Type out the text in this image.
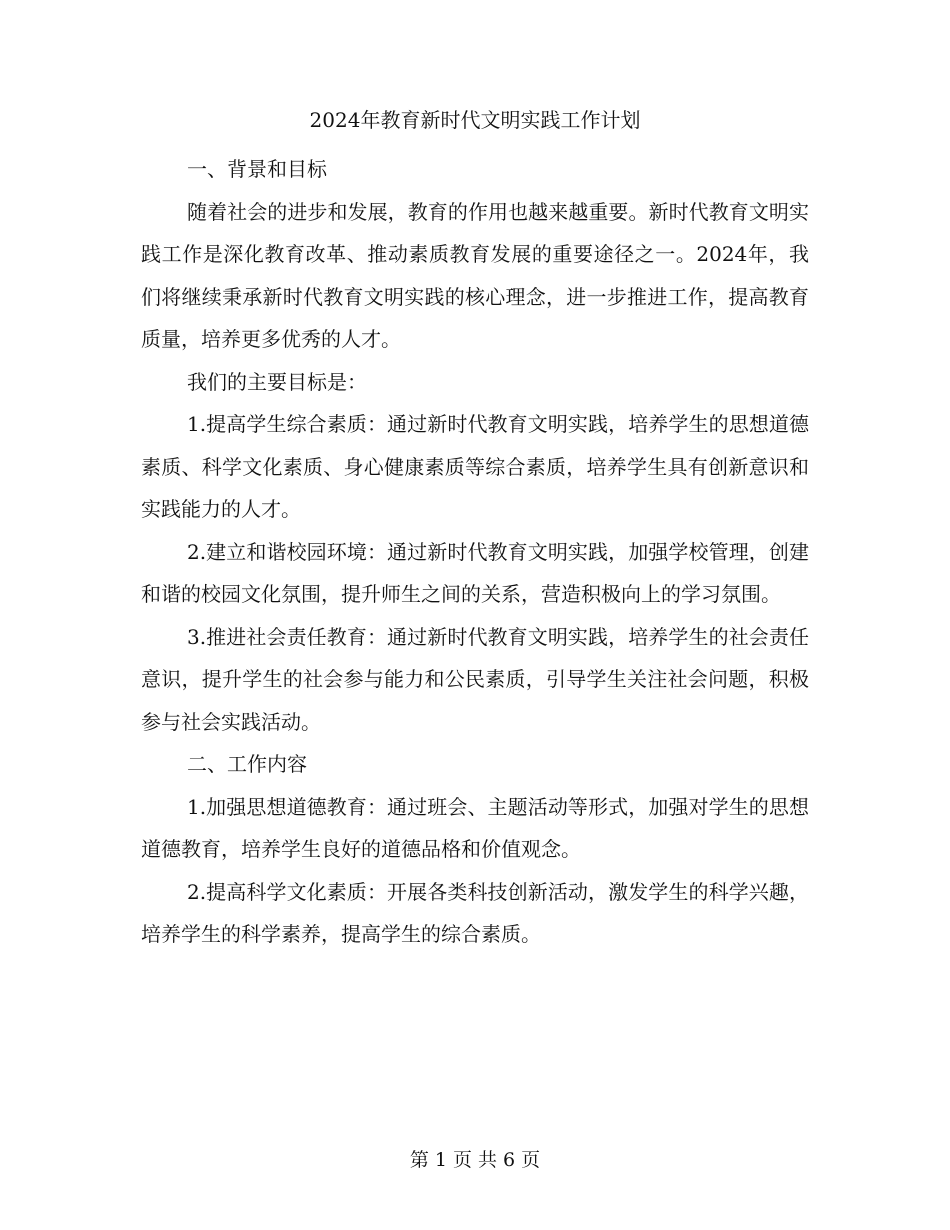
2024年教育新时代文明实践工作计划

一、背景和目标

随着社会的进步和发展，教育的作用也越来越重要。新时代教育文明实践工作是深化教育改革、推动素质教育发展的重要途径之一。2024年，我们将继续秉承新时代教育文明实践的核心理念，进一步推进工作，提高教育质量，培养更多优秀的人才。

我们的主要目标是：

1.提高学生综合素质：通过新时代教育文明实践，培养学生的思想道德素质、科学文化素质、身心健康素质等综合素质，培养学生具有创新意识和实践能力的人才。

2.建立和谐校园环境：通过新时代教育文明实践，加强学校管理，创建和谐的校园文化氛围，提升师生之间的关系，营造积极向上的学习氛围。

3.推进社会责任教育：通过新时代教育文明实践，培养学生的社会责任意识，提升学生的社会参与能力和公民素质，引导学生关注社会问题，积极参与社会实践活动。

二、工作内容

1.加强思想道德教育：通过班会、主题活动等形式，加强对学生的思想道德教育，培养学生良好的道德品格和价值观念。

2.提高科学文化素质：开展各类科技创新活动，激发学生的科学兴趣，培养学生的科学素养，提高学生的综合素质。

第 1 页 共 6 页
